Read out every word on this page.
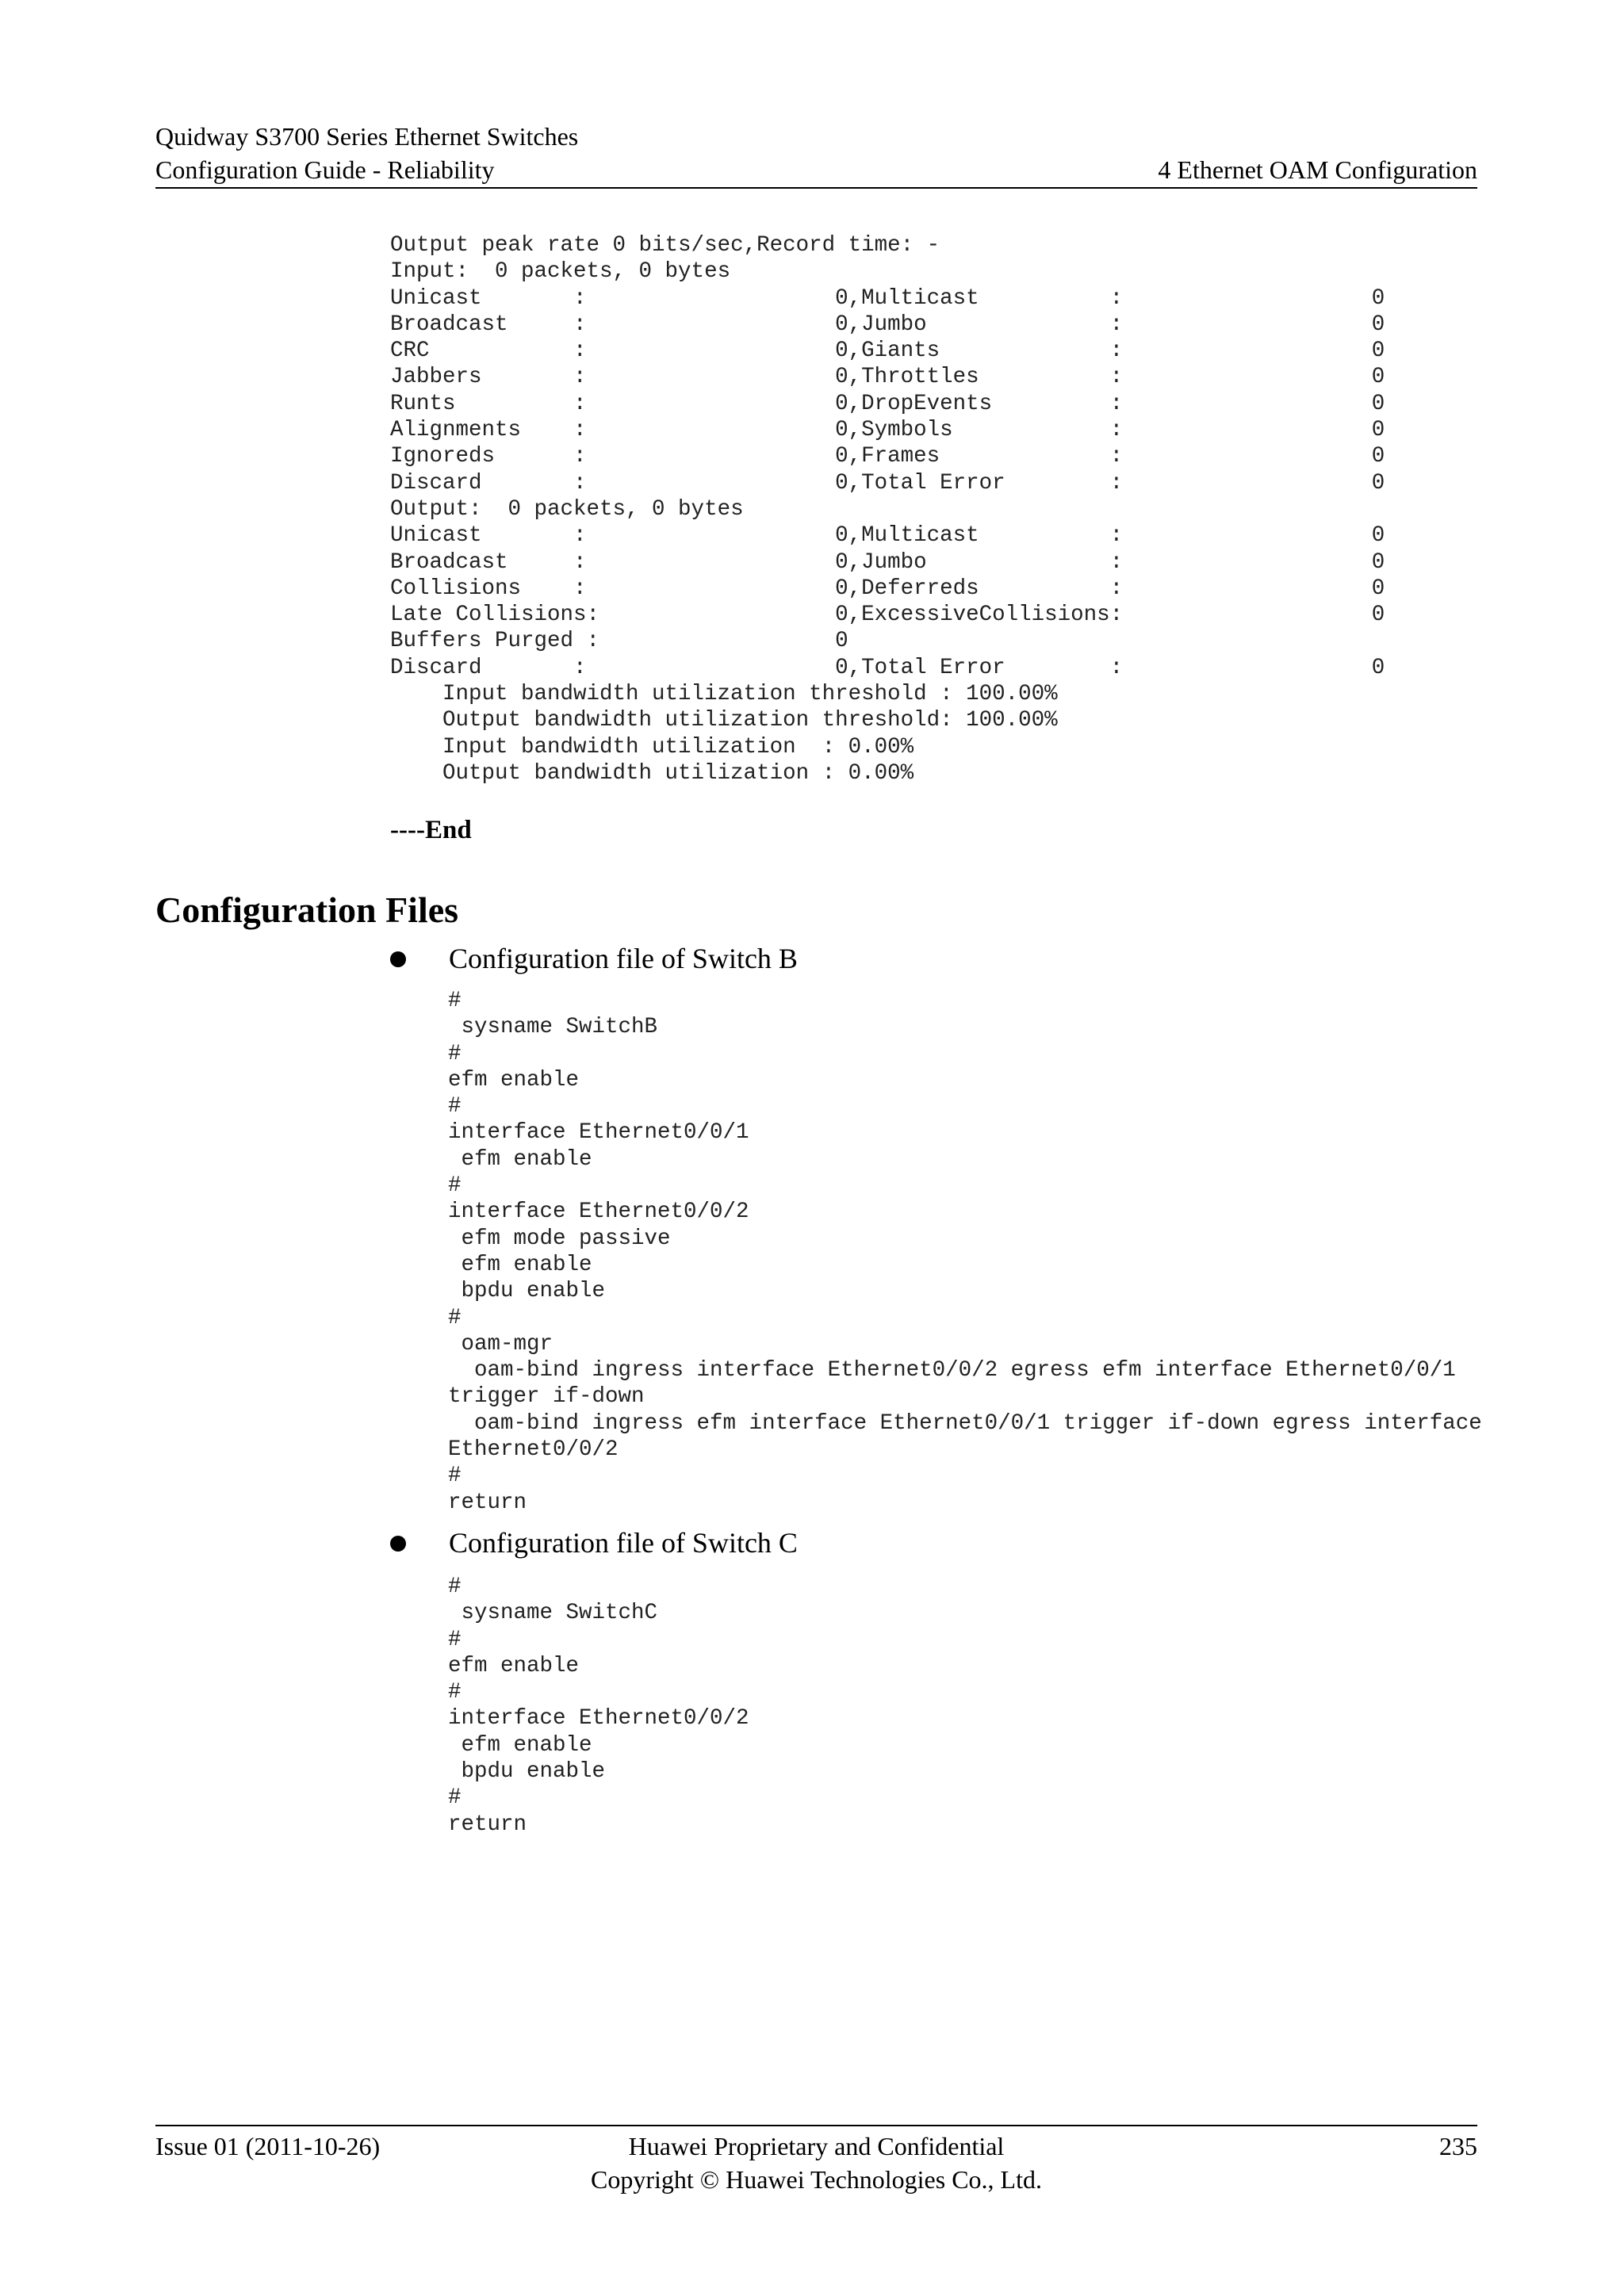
Quidway S3700 Series Ethernet Switches
Configuration Guide - Reliability	4 Ethernet OAM Configuration
Output peak rate 0 bits/sec,Record time: -
Input:  0 packets, 0 bytes
Unicast       :                   0,Multicast          :                   0
Broadcast     :                   0,Jumbo              :                   0
CRC           :                   0,Giants             :                   0
Jabbers       :                   0,Throttles          :                   0
Runts         :                   0,DropEvents         :                   0
Alignments    :                   0,Symbols            :                   0
Ignoreds      :                   0,Frames             :                   0
Discard       :                   0,Total Error        :                   0
Output:  0 packets, 0 bytes
Unicast       :                   0,Multicast          :                   0
Broadcast     :                   0,Jumbo              :                   0
Collisions    :                   0,Deferreds          :                   0
Late Collisions:                  0,ExcessiveCollisions:                   0
Buffers Purged :                  0
Discard       :                   0,Total Error        :                   0
Input bandwidth utilization threshold : 100.00%
Output bandwidth utilization threshold: 100.00%
Input bandwidth utilization  : 0.00%
Output bandwidth utilization : 0.00%
----End
Configuration Files
Configuration file of Switch B
#
sysname SwitchB
#
efm enable
#
interface Ethernet0/0/1
efm enable
#
interface Ethernet0/0/2
efm mode passive
efm enable
bpdu enable
#
oam-mgr
oam-bind ingress interface Ethernet0/0/2 egress efm interface Ethernet0/0/1
trigger if-down
oam-bind ingress efm interface Ethernet0/0/1 trigger if-down egress interface
Ethernet0/0/2
#
return
Configuration file of Switch C
#
sysname SwitchC
#
efm enable
#
interface Ethernet0/0/2
efm enable
bpdu enable
#
return
Issue 01 (2011-10-26)	Huawei Proprietary and Confidential
Copyright © Huawei Technologies Co., Ltd.
235
